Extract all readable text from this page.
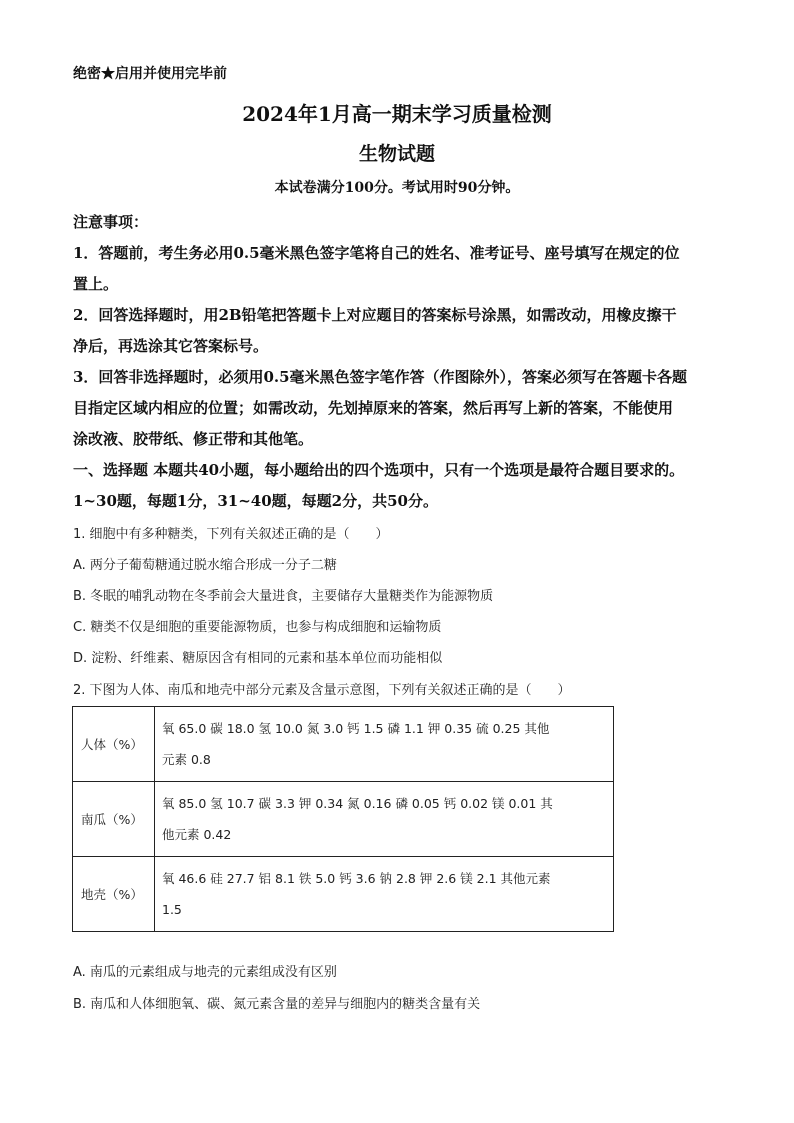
绝密★启用并使用完毕前
2024年1月高一期末学习质量检测
生物试题
本试卷满分100分。考试用时90分钟。
注意事项：
1．答题前，考生务必用0.5毫米黑色签字笔将自己的姓名、准考证号、座号填写在规定的位
置上。
2．回答选择题时，用2B铅笔把答题卡上对应题目的答案标号涂黑，如需改动，用橡皮擦干
净后，再选涂其它答案标号。
3．回答非选择题时，必须用0.5毫米黑色签字笔作答（作图除外），答案必须写在答题卡各题
目指定区域内相应的位置；如需改动，先划掉原来的答案，然后再写上新的答案，不能使用
涂改液、胶带纸、修正带和其他笔。
一、选择题 本题共40小题，每小题给出的四个选项中，只有一个选项是最符合题目要求的。
1~30题，每题1分，31~40题，每题2分，共50分。
1. 细胞中有多种糖类，下列有关叙述正确的是（　　）
A. 两分子葡萄糖通过脱水缩合形成一分子二糖
B. 冬眠的哺乳动物在冬季前会大量进食，主要储存大量糖类作为能源物质
C. 糖类不仅是细胞的重要能源物质，也参与构成细胞和运输物质
D. 淀粉、纤维素、糖原因含有相同的元素和基本单位而功能相似
2. 下图为人体、南瓜和地壳中部分元素及含量示意图，下列有关叙述正确的是（　　）
人体（%）	氧 65.0 碳 18.0 氢 10.0 氮 3.0 钙 1.5 磷 1.1 钾 0.35 硫 0.25 其他
元素 0.8

南瓜（%）	氧 85.0 氢 10.7 碳 3.3 钾 0.34 氮 0.16 磷 0.05 钙 0.02 镁 0.01 其
他元素 0.42

地壳（%）	氧 46.6 硅 27.7 铝 8.1 铁 5.0 钙 3.6 钠 2.8 钾 2.6 镁 2.1 其他元素
1.5
A. 南瓜的元素组成与地壳的元素组成没有区别
B. 南瓜和人体细胞氧、碳、氮元素含量的差异与细胞内的糖类含量有关
